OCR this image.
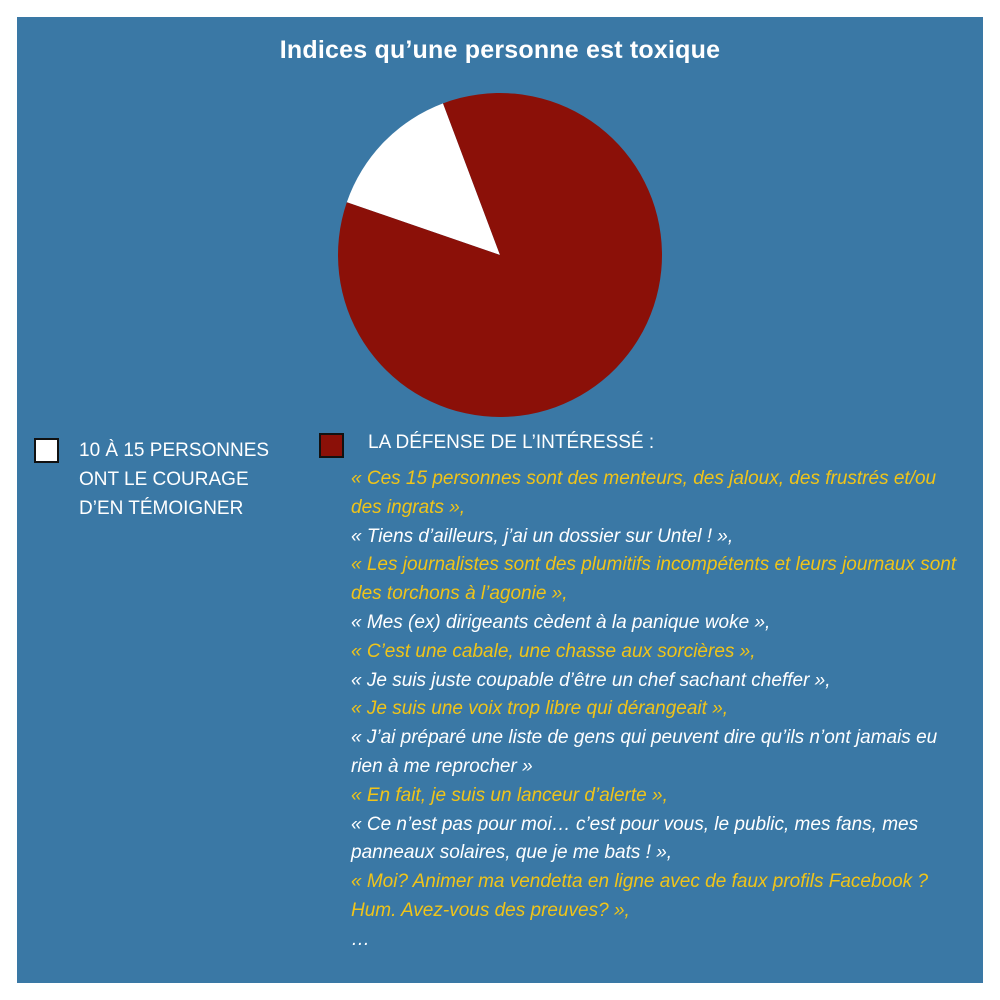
Indices qu’une personne est toxique

10 À 15 PERSONNES
ONT LE COURAGE
D’EN TÉMOIGNER

LA DÉFENSE DE L’INTÉRESSÉ :

« Ces 15 personnes sont des menteurs, des jaloux, des frustrés et/ou des ingrats »,
« Tiens d’ailleurs, j’ai un dossier sur Untel ! »,
« Les journalistes sont des plumitifs incompétents et leurs journaux sont des torchons à l’agonie »,
« Mes (ex) dirigeants cèdent à la panique woke »,
« C’est une cabale, une chasse aux sorcières »,
« Je suis juste coupable d’être un chef sachant cheffer »,
« Je suis une voix trop libre qui dérangeait »,
« J’ai préparé une liste de gens qui peuvent dire qu’ils n’ont jamais eu rien à me reprocher »
« En fait, je suis un lanceur d’alerte »,
« Ce n’est pas pour moi… c’est pour vous, le public, mes fans, mes panneaux solaires, que je me bats ! »,
« Moi? Animer ma vendetta en ligne avec de faux profils Facebook ? Hum. Avez-vous des preuves? »,
…
